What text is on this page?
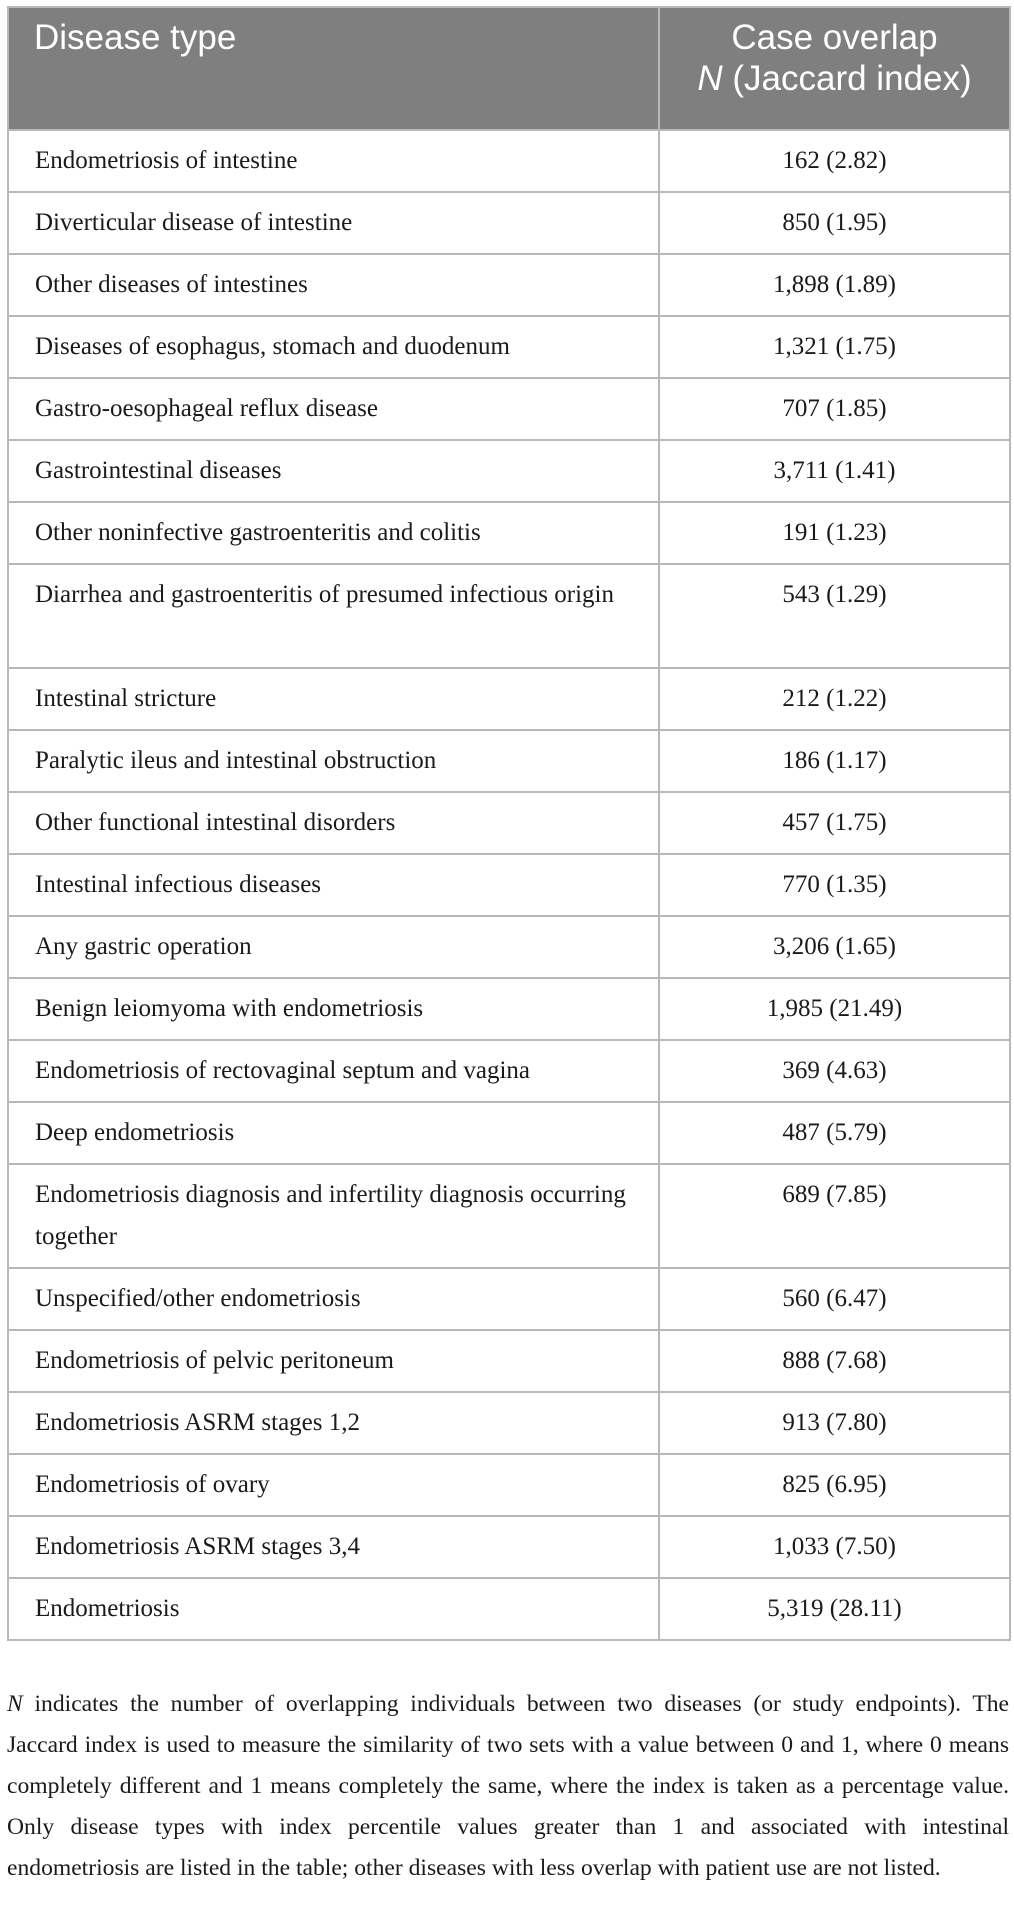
Disease type	Case overlap
N (Jaccard index)
Endometriosis of intestine	162 (2.82)
Diverticular disease of intestine	850 (1.95)
Other diseases of intestines	1,898 (1.89)
Diseases of esophagus, stomach and duodenum	1,321 (1.75)
Gastro-oesophageal reflux disease	707 (1.85)
Gastrointestinal diseases	3,711 (1.41)
Other noninfective gastroenteritis and colitis	191 (1.23)
Diarrhea and gastroenteritis of presumed infectious origin	543 (1.29)
Intestinal stricture	212 (1.22)
Paralytic ileus and intestinal obstruction	186 (1.17)
Other functional intestinal disorders	457 (1.75)
Intestinal infectious diseases	770 (1.35)
Any gastric operation	3,206 (1.65)
Benign leiomyoma with endometriosis	1,985 (21.49)
Endometriosis of rectovaginal septum and vagina	369 (4.63)
Deep endometriosis	487 (5.79)
Endometriosis diagnosis and infertility diagnosis occurring together	689 (7.85)
Unspecified/other endometriosis	560 (6.47)
Endometriosis of pelvic peritoneum	888 (7.68)
Endometriosis ASRM stages 1,2	913 (7.80)
Endometriosis of ovary	825 (6.95)
Endometriosis ASRM stages 3,4	1,033 (7.50)
Endometriosis	5,319 (28.11)

N indicates the number of overlapping individuals between two diseases (or study endpoints). The Jaccard index is used to measure the similarity of two sets with a value between 0 and 1, where 0 means completely different and 1 means completely the same, where the index is taken as a percentage value. Only disease types with index percentile values greater than 1 and associated with intestinal endometriosis are listed in the table; other diseases with less overlap with patient use are not listed.
